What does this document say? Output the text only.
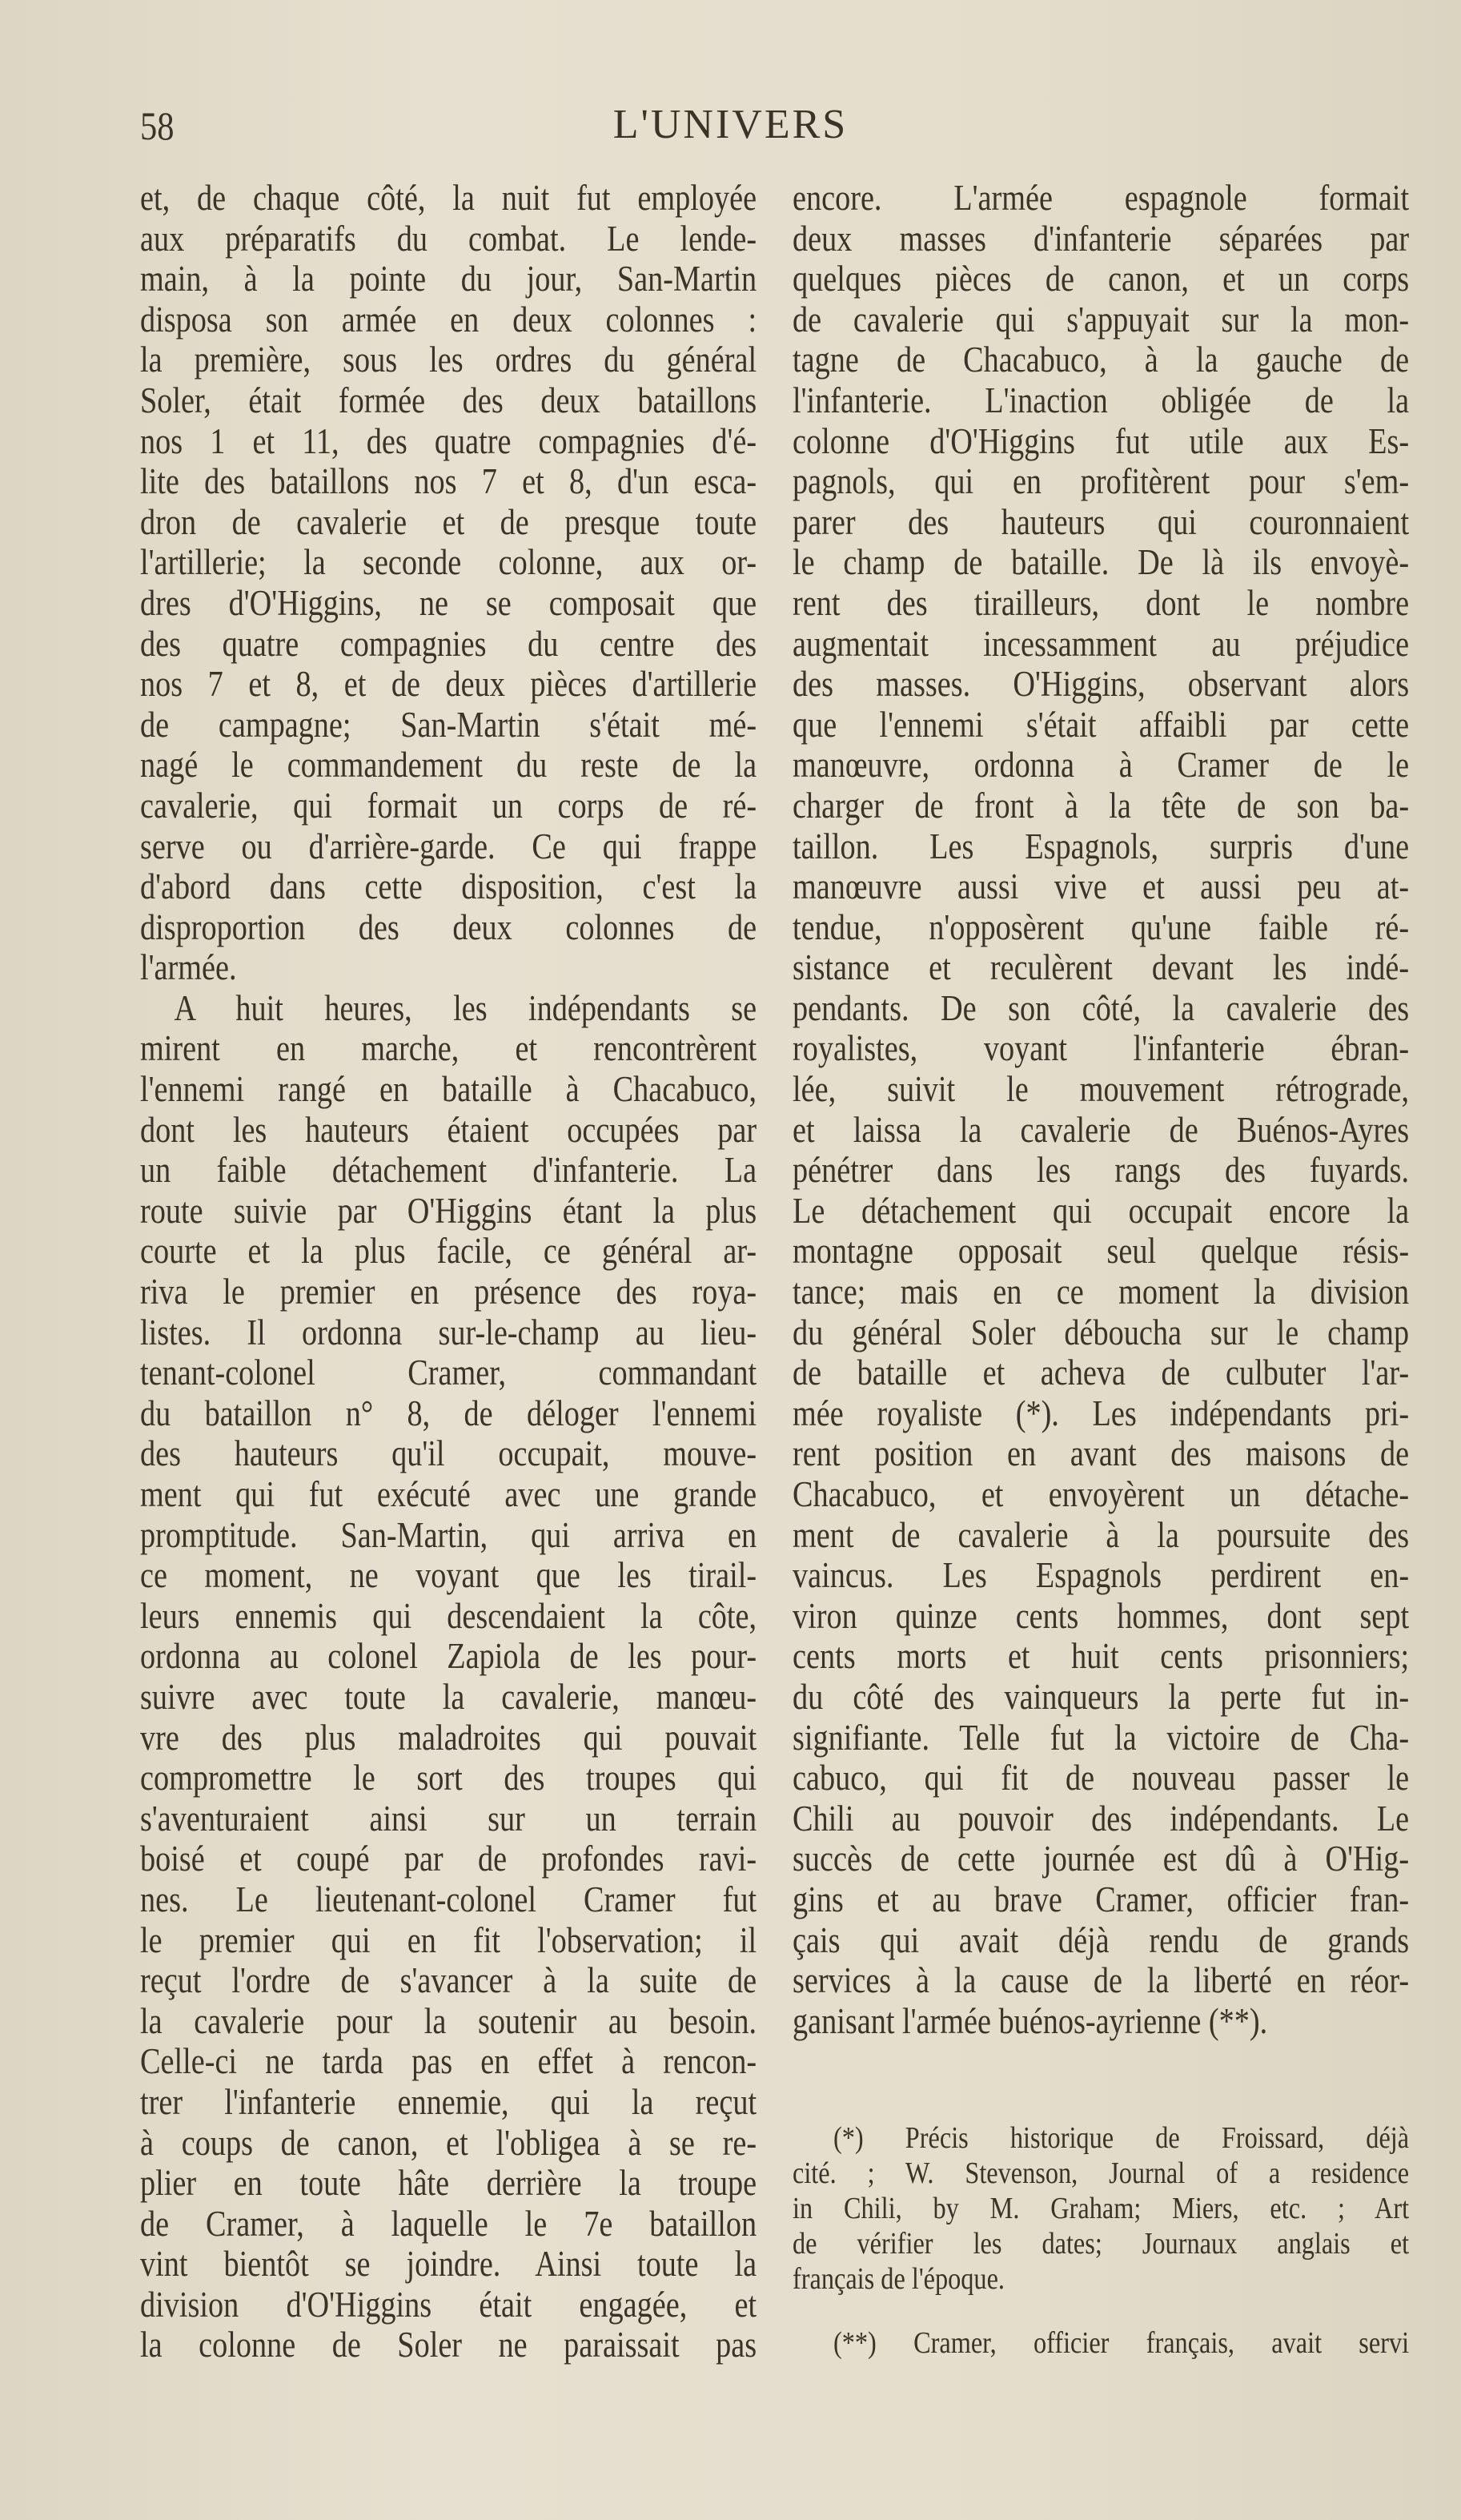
58	L'UNIVERS
et, de chaque côté, la nuit fut employée
aux préparatifs du combat. Le lende-
main, à la pointe du jour, San-Martin
disposa son armée en deux colonnes :
la première, sous les ordres du général
Soler, était formée des deux bataillons
nos 1 et 11, des quatre compagnies d'é-
lite des bataillons nos 7 et 8, d'un esca-
dron de cavalerie et de presque toute
l'artillerie; la seconde colonne, aux or-
dres d'O'Higgins, ne se composait que
des quatre compagnies du centre des
nos 7 et 8, et de deux pièces d'artillerie
de campagne; San-Martin s'était mé-
nagé le commandement du reste de la
cavalerie, qui formait un corps de ré-
serve ou d'arrière-garde. Ce qui frappe
d'abord dans cette disposition, c'est la
disproportion des deux colonnes de
l'armée.
A huit heures, les indépendants se
mirent en marche, et rencontrèrent
l'ennemi rangé en bataille à Chacabuco,
dont les hauteurs étaient occupées par
un faible détachement d'infanterie. La
route suivie par O'Higgins étant la plus
courte et la plus facile, ce général ar-
riva le premier en présence des roya-
listes. Il ordonna sur-le-champ au lieu-
tenant-colonel Cramer, commandant
du bataillon n° 8, de déloger l'ennemi
des hauteurs qu'il occupait, mouve-
ment qui fut exécuté avec une grande
promptitude. San-Martin, qui arriva en
ce moment, ne voyant que les tirail-
leurs ennemis qui descendaient la côte,
ordonna au colonel Zapiola de les pour-
suivre avec toute la cavalerie, manœu-
vre des plus maladroites qui pouvait
compromettre le sort des troupes qui
s'aventuraient ainsi sur un terrain
boisé et coupé par de profondes ravi-
nes. Le lieutenant-colonel Cramer fut
le premier qui en fit l'observation; il
reçut l'ordre de s'avancer à la suite de
la cavalerie pour la soutenir au besoin.
Celle-ci ne tarda pas en effet à rencon-
trer l'infanterie ennemie, qui la reçut
à coups de canon, et l'obligea à se re-
plier en toute hâte derrière la troupe
de Cramer, à laquelle le 7e bataillon
vint bientôt se joindre. Ainsi toute la
division d'O'Higgins était engagée, et
la colonne de Soler ne paraissait pas
encore. L'armée espagnole formait
deux masses d'infanterie séparées par
quelques pièces de canon, et un corps
de cavalerie qui s'appuyait sur la mon-
tagne de Chacabuco, à la gauche de
l'infanterie. L'inaction obligée de la
colonne d'O'Higgins fut utile aux Es-
pagnols, qui en profitèrent pour s'em-
parer des hauteurs qui couronnaient
le champ de bataille. De là ils envoyè-
rent des tirailleurs, dont le nombre
augmentait incessamment au préjudice
des masses. O'Higgins, observant alors
que l'ennemi s'était affaibli par cette
manœuvre, ordonna à Cramer de le
charger de front à la tête de son ba-
taillon. Les Espagnols, surpris d'une
manœuvre aussi vive et aussi peu at-
tendue, n'opposèrent qu'une faible ré-
sistance et reculèrent devant les indé-
pendants. De son côté, la cavalerie des
royalistes, voyant l'infanterie ébran-
lée, suivit le mouvement rétrograde,
et laissa la cavalerie de Buénos-Ayres
pénétrer dans les rangs des fuyards.
Le détachement qui occupait encore la
montagne opposait seul quelque résis-
tance; mais en ce moment la division
du général Soler déboucha sur le champ
de bataille et acheva de culbuter l'ar-
mée royaliste (*). Les indépendants pri-
rent position en avant des maisons de
Chacabuco, et envoyèrent un détache-
ment de cavalerie à la poursuite des
vaincus. Les Espagnols perdirent en-
viron quinze cents hommes, dont sept
cents morts et huit cents prisonniers;
du côté des vainqueurs la perte fut in-
signifiante. Telle fut la victoire de Cha-
cabuco, qui fit de nouveau passer le
Chili au pouvoir des indépendants. Le
succès de cette journée est dû à O'Hig-
gins et au brave Cramer, officier fran-
çais qui avait déjà rendu de grands
services à la cause de la liberté en réor-
ganisant l'armée buénos-ayrienne (**).
(*) Précis historique de Froissard, déjà
cité. ; W. Stevenson, Journal of a residence
in Chili, by M. Graham; Miers, etc. ; Art
de vérifier les dates; Journaux anglais et
français de l'époque.
(**) Cramer, officier français, avait servi
